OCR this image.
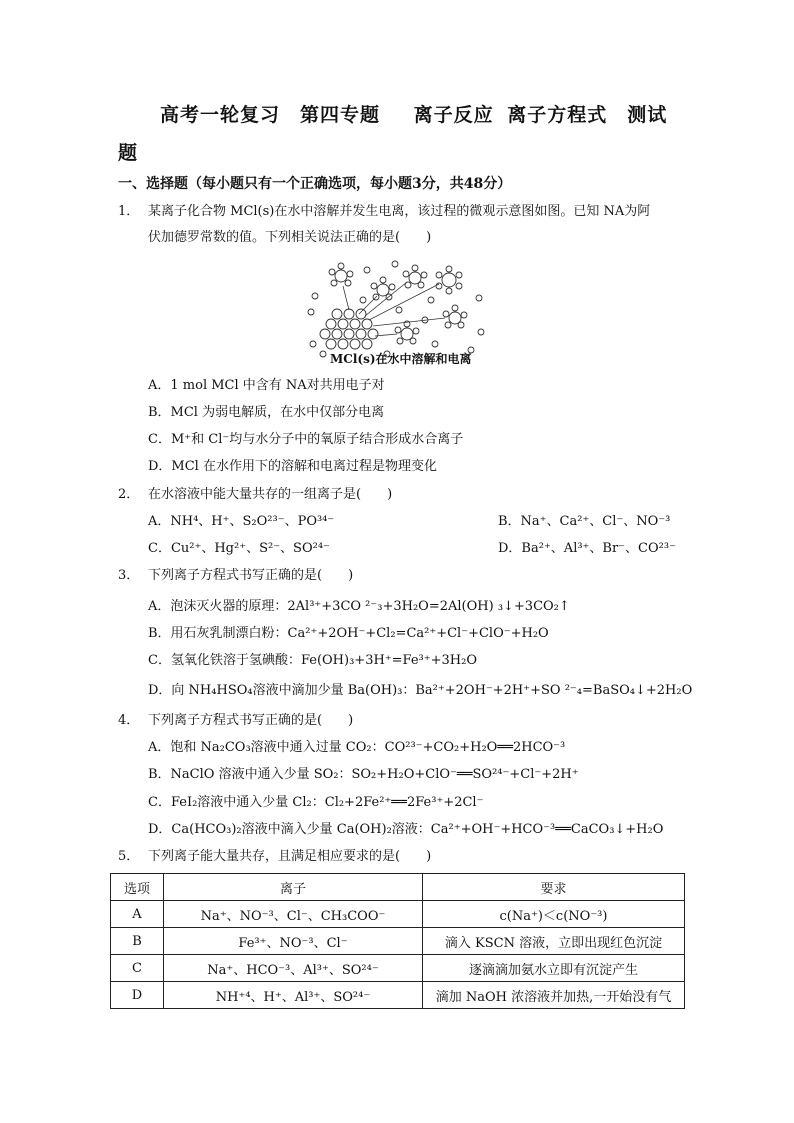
高考一轮复习　第四专题　 离子反应 离子方程式　测试
题
一、选择题（每小题只有一个正确选项，每小题3分，共48分）
1． 某离子化合物 MCl(s)在水中溶解并发生电离，该过程的微观示意图如图。已知 NA为阿
伏加德罗常数的值。下列相关说法正确的是(　　)
MCl(s)在水中溶解和电离
A．1 mol MCl 中含有 NA对共用电子对
B．MCl 为弱电解质，在水中仅部分电离
C．M⁺和 Cl⁻均与水分子中的氧原子结合形成水合离子
D．MCl 在水作用下的溶解和电离过程是物理变化
2． 在水溶液中能大量共存的一组离子是(　　)
A．NH⁴、H⁺、S₂O²³⁻、PO³⁴⁻	B．Na⁺、Ca²⁺、Cl⁻、NO⁻³
C．Cu²⁺、Hg²⁺、S²⁻、SO²⁴⁻	D．Ba²⁺、Al³⁺、Br⁻、CO²³⁻
3． 下列离子方程式书写正确的是(　　)
A．泡沫灭火器的原理：2Al³⁺+3CO ²⁻₃+3H₂O=2Al(OH) ₃↓+3CO₂↑
B．用石灰乳制漂白粉：Ca²⁺+2OH⁻+Cl₂=Ca²⁺+Cl⁻+ClO⁻+H₂O
C．氢氧化铁溶于氢碘酸：Fe(OH)₃+3H⁺=Fe³⁺+3H₂O
D．向 NH₄HSO₄溶液中滴加少量 Ba(OH)₃：Ba²⁺+2OH⁻+2H⁺+SO ²⁻₄=BaSO₄↓+2H₂O
4． 下列离子方程式书写正确的是(　　)
A．饱和 Na₂CO₃溶液中通入过量 CO₂：CO²³⁻+CO₂+H₂O══2HCO⁻³
B．NaClO 溶液中通入少量 SO₂：SO₂+H₂O+ClO⁻══SO²⁴⁻+Cl⁻+2H⁺
C．FeI₂溶液中通入少量 Cl₂：Cl₂+2Fe²⁺══2Fe³⁺+2Cl⁻
D．Ca(HCO₃)₂溶液中滴入少量 Ca(OH)₂溶液：Ca²⁺+OH⁻+HCO⁻³══CaCO₃↓+H₂O
5． 下列离子能大量共存，且满足相应要求的是(　　)
选项	离子	要求
A	Na⁺、NO⁻³、Cl⁻、CH₃COO⁻	c(Na⁺)＜c(NO⁻³)
B	Fe³⁺、NO⁻³、Cl⁻	滴入 KSCN 溶液，立即出现红色沉淀
C	Na⁺、HCO⁻³、Al³⁺、SO²⁴⁻	逐滴滴加氨水立即有沉淀产生
D	NH⁺⁴、H⁺、Al³⁺、SO²⁴⁻	滴加 NaOH 浓溶液并加热,一开始没有气
